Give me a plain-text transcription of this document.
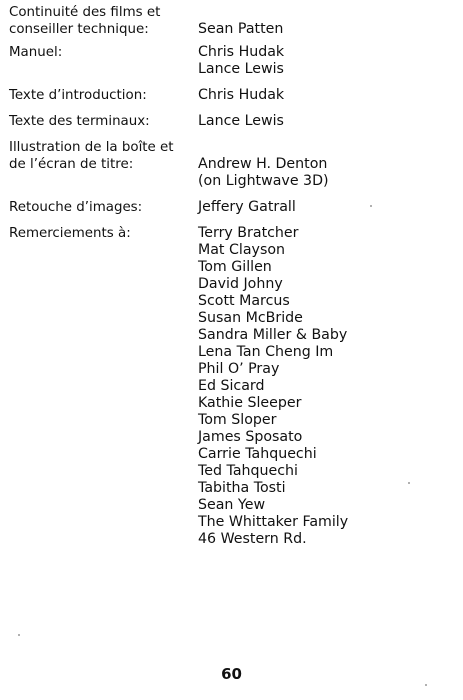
Continuité des films et conseiller technique:	Sean Patten
Manuel:	Chris Hudak
Lance Lewis
Texte d’introduction:	Chris Hudak
Texte des terminaux:	Lance Lewis
Illustration de la boîte et de l’écran de titre:	Andrew H. Denton
(on Lightwave 3D)
Retouche d’images:	Jeffery Gatrall
Remerciements à:	Terry Bratcher
Mat Clayson
Tom Gillen
David Johny
Scott Marcus
Susan McBride
Sandra Miller & Baby
Lena Tan Cheng Im
Phil O’ Pray
Ed Sicard
Kathie Sleeper
Tom Sloper
James Sposato
Carrie Tahquechi
Ted Tahquechi
Tabitha Tosti
Sean Yew
The Whittaker Family
46 Western Rd.
60
